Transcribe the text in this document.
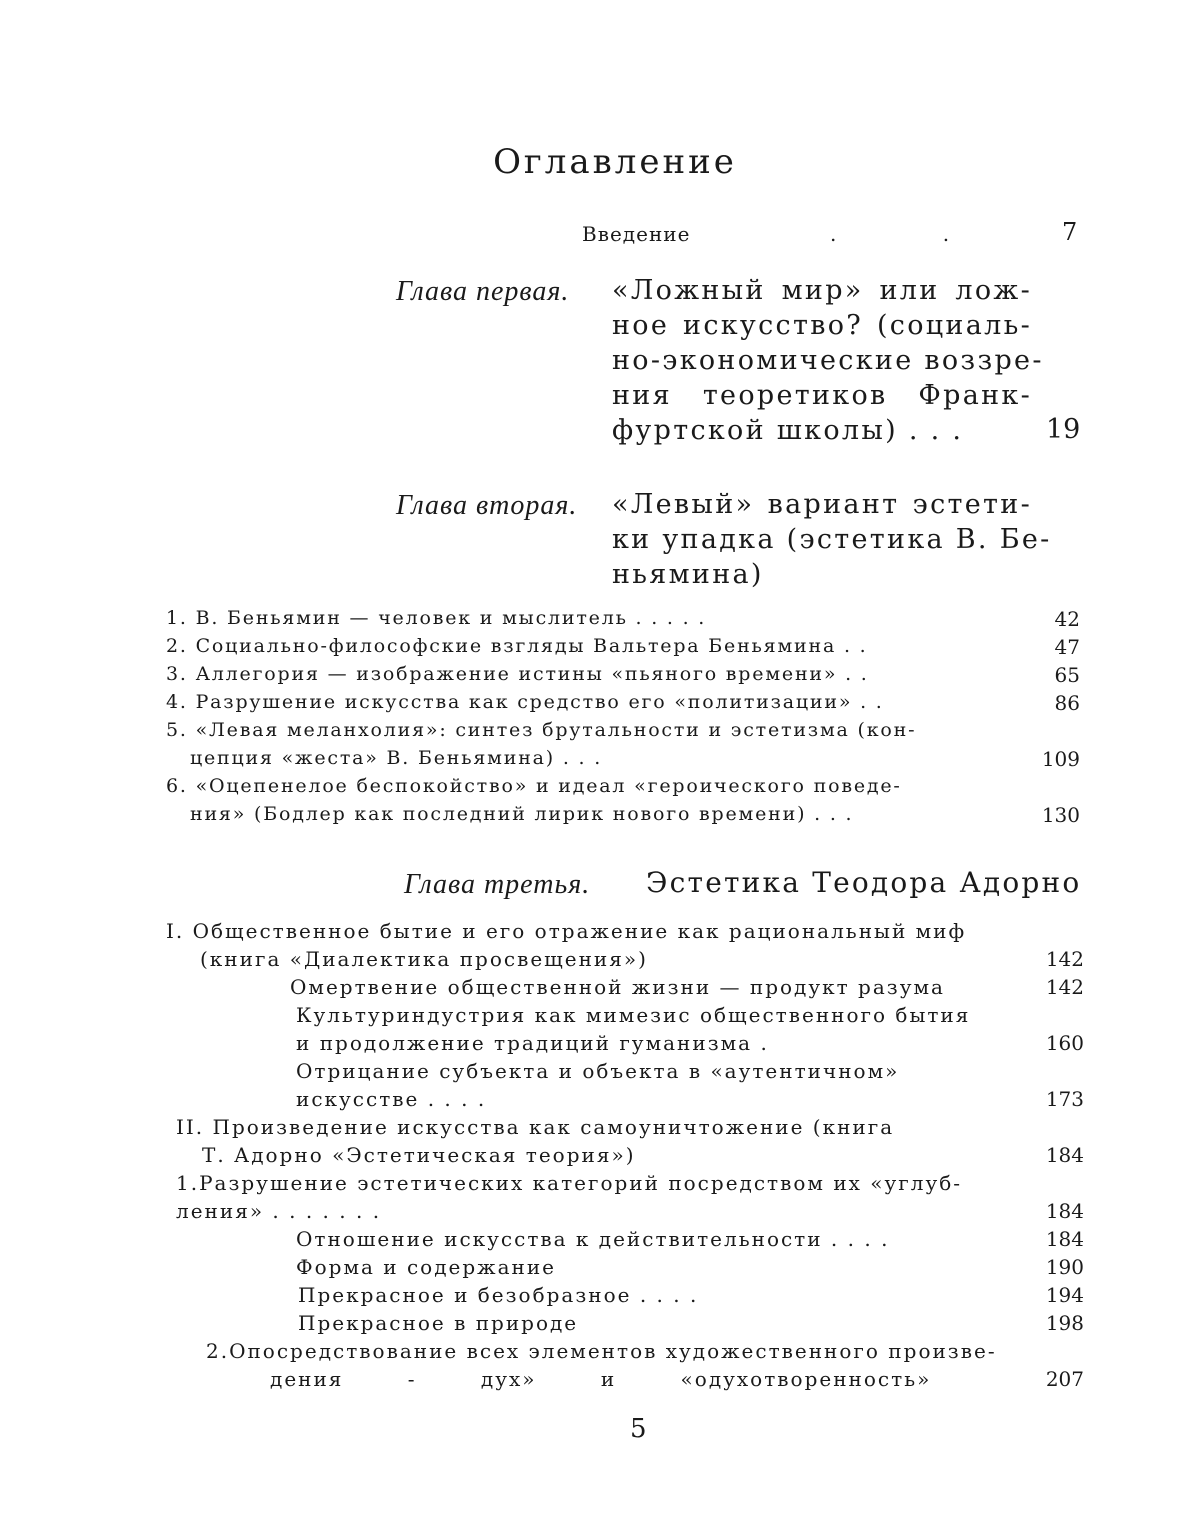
Оглавление
Введение	. .	7
Глава первая. «Ложный мир» или лож-
ное искусство? (социаль-
но-экономические воззре-
ния теоретиков Франк-
фуртской школы) . . .	19
Глава вторая. «Левый» вариант эстети-
ки упадка (эстетика В. Бе-
ньямина)
1. В. Беньямин — человек и мыслитель . . . . .	42
2. Социально-философские взгляды Вальтера Беньямина . .	47
3. Аллегория — изображение истины «пьяного времени» . .	65
4. Разрушение искусства как средство его «политизации» . .	86
5. «Левая меланхолия»: синтез брутальности и эстетизма (кон-
цепция «жеста» В. Беньямина) . . .	109
6. «Оцепенелое беспокойство» и идеал «героического поведе-
ния» (Бодлер как последний лирик нового времени) . . .	130
Глава третья. Эстетика Теодора Адорно
I. Общественное бытие и его отражение как рациональный миф
(книга «Диалектика просвещения»)	142
Омертвение общественной жизни — продукт разума	142
Культуриндустрия как мимезис общественного бытия
и продолжение традиций гуманизма .	160
Отрицание субъекта и объекта в «аутентичном»
искусстве . . . .	173
II. Произведение искусства как самоуничтожение (книга
Т. Адорно «Эстетическая теория»)	184
1.Разрушение эстетических категорий посредством их «углуб-
ления» . . . . . . .	184
Отношение искусства к действительности . . . .	184
Форма и содержание	190
Прекрасное и безобразное . . . .	194
Прекрасное в природе	198
2.Опосредствование всех элементов художественного произве-
дения - дух» и «одухотворенность»	207
5
